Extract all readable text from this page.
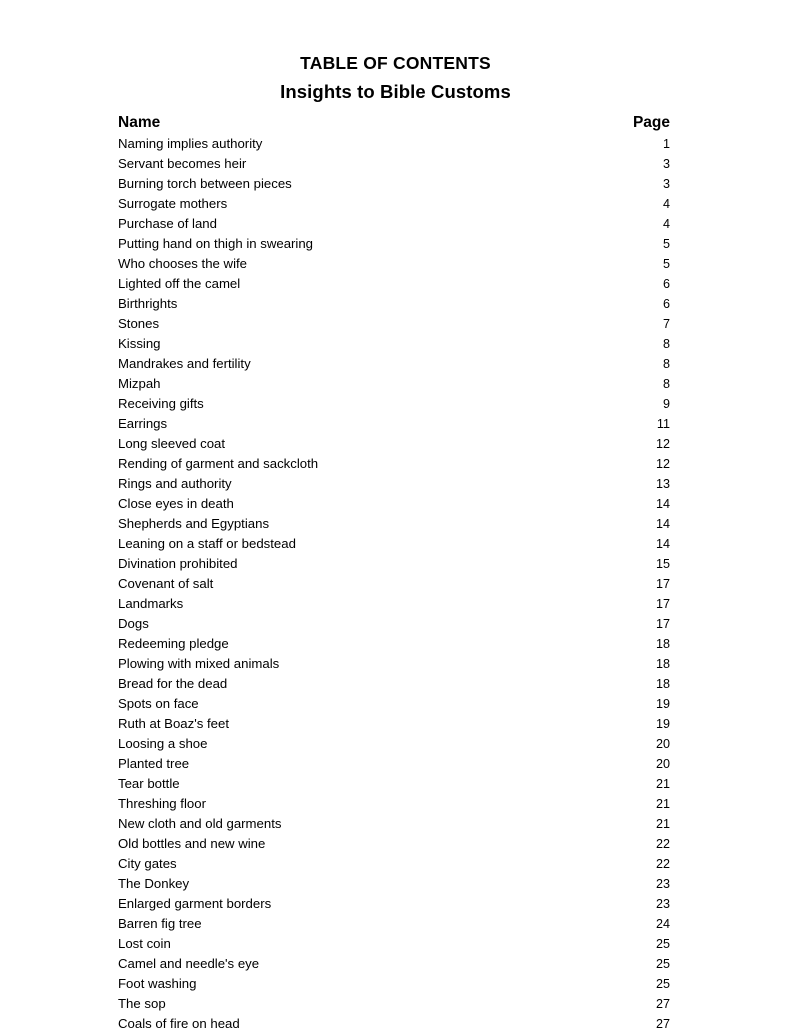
TABLE OF CONTENTS
Insights to Bible Customs
Name	Page
Naming implies authority	1
Servant becomes heir	3
Burning torch between pieces	3
Surrogate mothers	4
Purchase of land	4
Putting hand on thigh in swearing	5
Who chooses the wife	5
Lighted off the camel	6
Birthrights	6
Stones	7
Kissing	8
Mandrakes and fertility	8
Mizpah	8
Receiving gifts	9
Earrings	11
Long sleeved coat	12
Rending of garment and sackcloth	12
Rings and authority	13
Close eyes in death	14
Shepherds and Egyptians	14
Leaning on a staff or bedstead	14
Divination prohibited	15
Covenant of salt	17
Landmarks	17
Dogs	17
Redeeming pledge	18
Plowing with mixed animals	18
Bread for the dead	18
Spots on face	19
Ruth at Boaz's feet	19
Loosing a shoe	20
Planted tree	20
Tear bottle	21
Threshing floor	21
New cloth and old garments	21
Old bottles and new wine	22
City gates	22
The Donkey	23
Enlarged garment borders	23
Barren fig tree	24
Lost coin	25
Camel and needle's eye	25
Foot washing	25
The sop	27
Coals of fire on head	27
